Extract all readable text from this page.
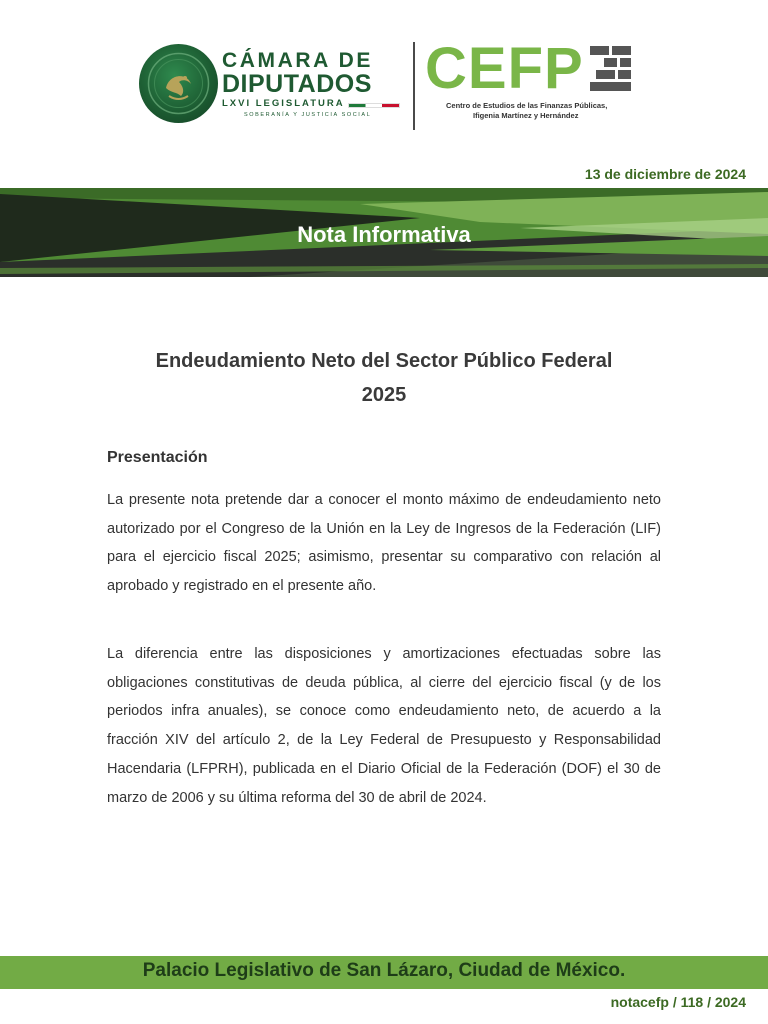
CÁMARA DE
DIPUTADOS
LXVI LEGISLATURA
SOBERANÍA Y JUSTICIA SOCIAL
CEFP
Centro de Estudios de las Finanzas Públicas,
Ifigenia Martínez y Hernández
13 de diciembre de 2024
Nota Informativa
Endeudamiento Neto del Sector Público Federal
2025
Presentación

La presente nota pretende dar a conocer el monto máximo de endeudamiento neto autorizado por el Congreso de la Unión en la Ley de Ingresos de la Federación (LIF) para el ejercicio fiscal 2025; asimismo, presentar su comparativo con relación al aprobado y registrado en el presente año.

La diferencia entre las disposiciones y amortizaciones efectuadas sobre las obligaciones constitutivas de deuda pública, al cierre del ejercicio fiscal (y de los periodos infra anuales), se conoce como endeudamiento neto, de acuerdo a la fracción XIV del artículo 2, de la Ley Federal de Presupuesto y Responsabilidad Hacendaria (LFPRH), publicada en el Diario Oficial de la Federación (DOF) el 30 de marzo de 2006 y su última reforma del 30 de abril de 2024.

Palacio Legislativo de San Lázaro, Ciudad de México.
notacefp / 118 / 2024
